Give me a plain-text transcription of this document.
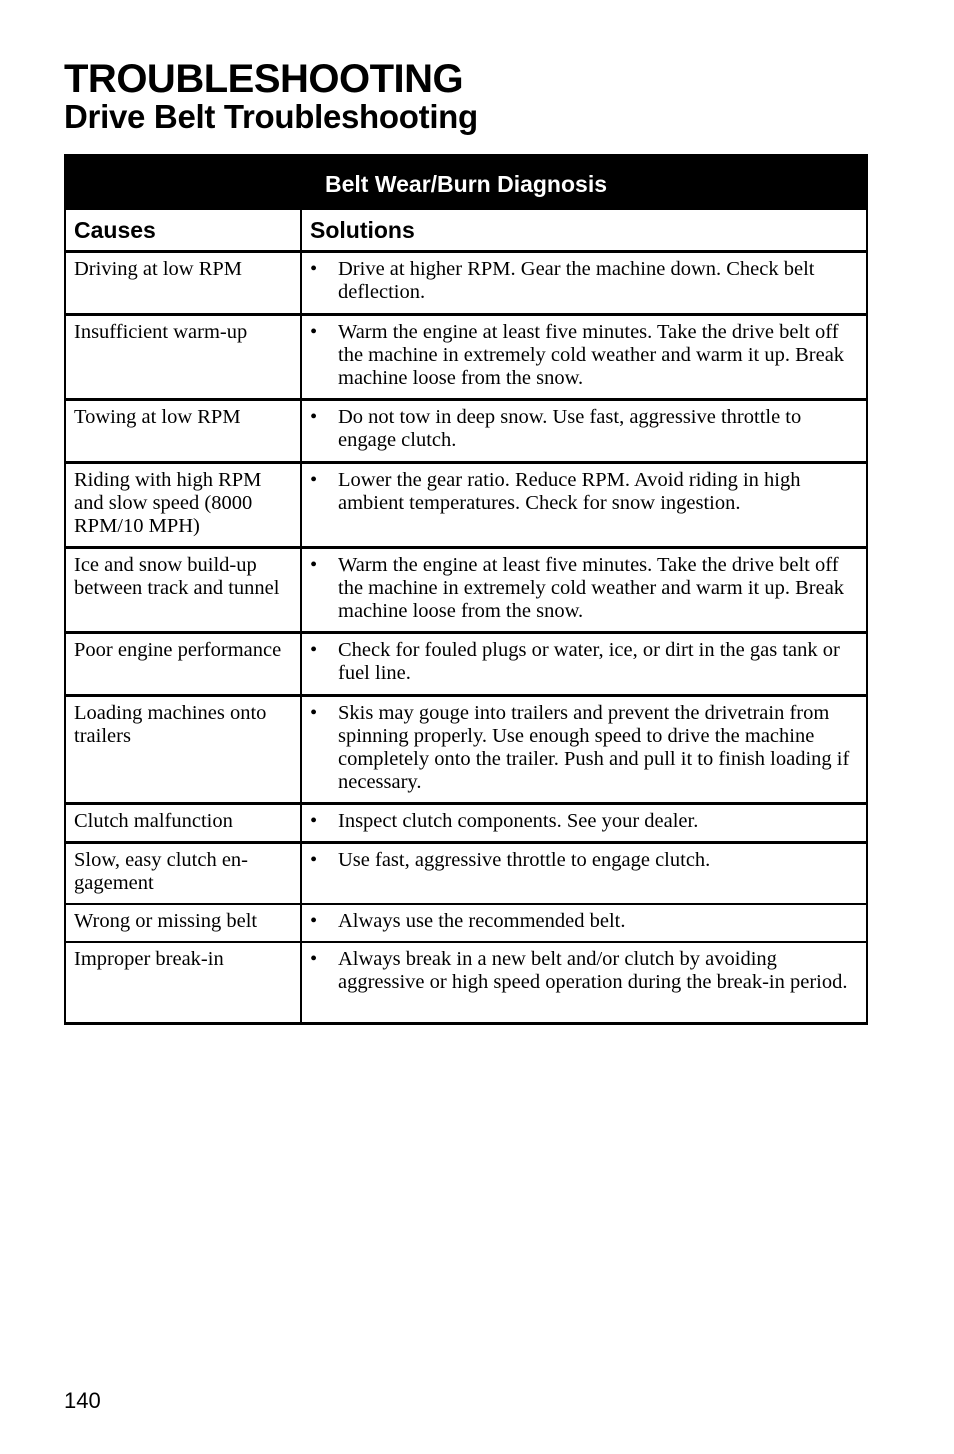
TROUBLESHOOTING
Drive Belt Troubleshooting
Belt Wear/Burn Diagnosis	
Causes	Solutions
Driving at low RPM	• Drive at higher RPM. Gear the machine down. Check belt deflection.

Insufficient warm-up	• Warm the engine at least five minutes. Take the drive belt off the machine in extremely cold weather and warm it up. Break machine loose from the snow.

Towing at low RPM	• Do not tow in deep snow. Use fast, aggressive throttle to engage clutch.

Riding with high RPM and slow speed (8000 RPM/10 MPH)	• Lower the gear ratio. Reduce RPM. Avoid riding in high ambient temperatures. Check for snow ingestion.

Ice and snow build-up between track and tunnel	• Warm the engine at least five minutes. Take the drive belt off the machine in extremely cold weather and warm it up. Break machine loose from the snow.

Poor engine performance	• Check for fouled plugs or water, ice, or dirt in the gas tank or fuel line.

Loading machines onto trailers	• Skis may gouge into trailers and prevent the drivetrain from spinning properly. Use enough speed to drive the machine completely onto the trailer. Push and pull it to finish loading if necessary.

Clutch malfunction	• Inspect clutch components. See your dealer.

Slow, easy clutch en-gagement	• Use fast, aggressive throttle to engage clutch.

Wrong or missing belt	• Always use the recommended belt.

Improper break-in	• Always break in a new belt and/or clutch by avoiding aggressive or high speed operation during the break-in period.
140
